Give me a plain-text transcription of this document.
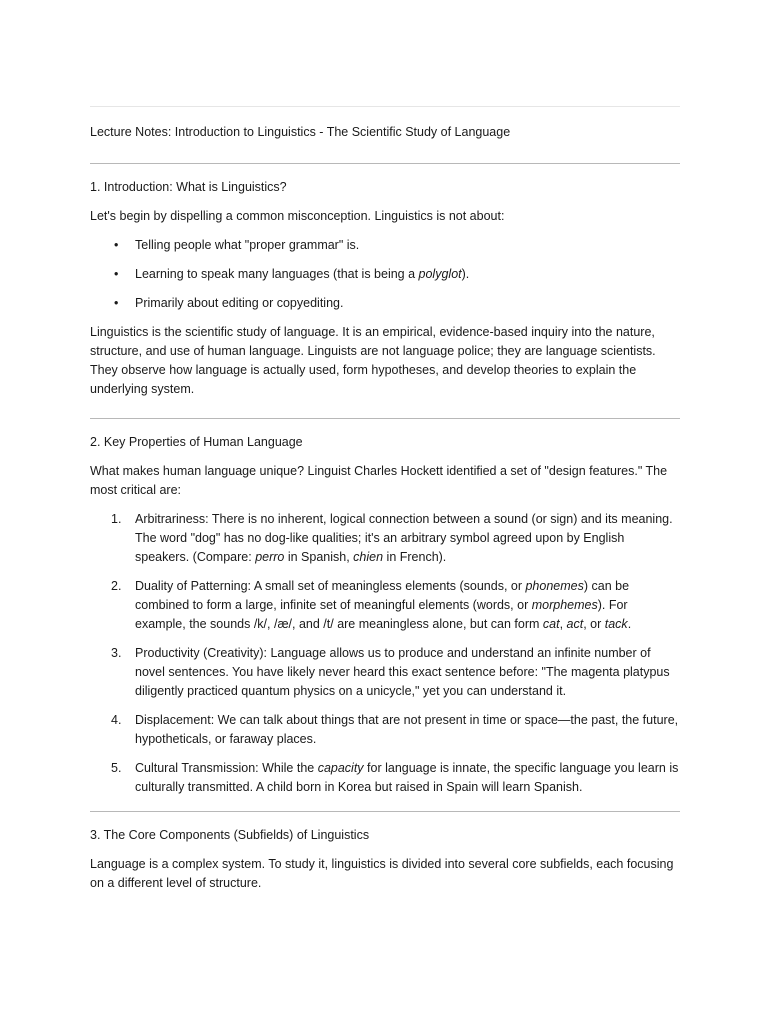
Lecture Notes: Introduction to Linguistics - The Scientific Study of Language

1. Introduction: What is Linguistics?

Let's begin by dispelling a common misconception. Linguistics is not about:

• Telling people what "proper grammar" is.
• Learning to speak many languages (that is being a polyglot).
• Primarily about editing or copyediting.

Linguistics is the scientific study of language. It is an empirical, evidence-based inquiry into the nature, structure, and use of human language. Linguists are not language police; they are language scientists. They observe how language is actually used, form hypotheses, and develop theories to explain the underlying system.

2. Key Properties of Human Language

What makes human language unique? Linguist Charles Hockett identified a set of "design features." The most critical are:

1. Arbitrariness: There is no inherent, logical connection between a sound (or sign) and its meaning. The word "dog" has no dog-like qualities; it's an arbitrary symbol agreed upon by English speakers. (Compare: perro in Spanish, chien in French).
2. Duality of Patterning: A small set of meaningless elements (sounds, or phonemes) can be combined to form a large, infinite set of meaningful elements (words, or morphemes). For example, the sounds /k/, /æ/, and /t/ are meaningless alone, but can form cat, act, or tack.
3. Productivity (Creativity): Language allows us to produce and understand an infinite number of novel sentences. You have likely never heard this exact sentence before: "The magenta platypus diligently practiced quantum physics on a unicycle," yet you can understand it.
4. Displacement: We can talk about things that are not present in time or space—the past, the future, hypotheticals, or faraway places.
5. Cultural Transmission: While the capacity for language is innate, the specific language you learn is culturally transmitted. A child born in Korea but raised in Spain will learn Spanish.

3. The Core Components (Subfields) of Linguistics

Language is a complex system. To study it, linguistics is divided into several core subfields, each focusing on a different level of structure.
